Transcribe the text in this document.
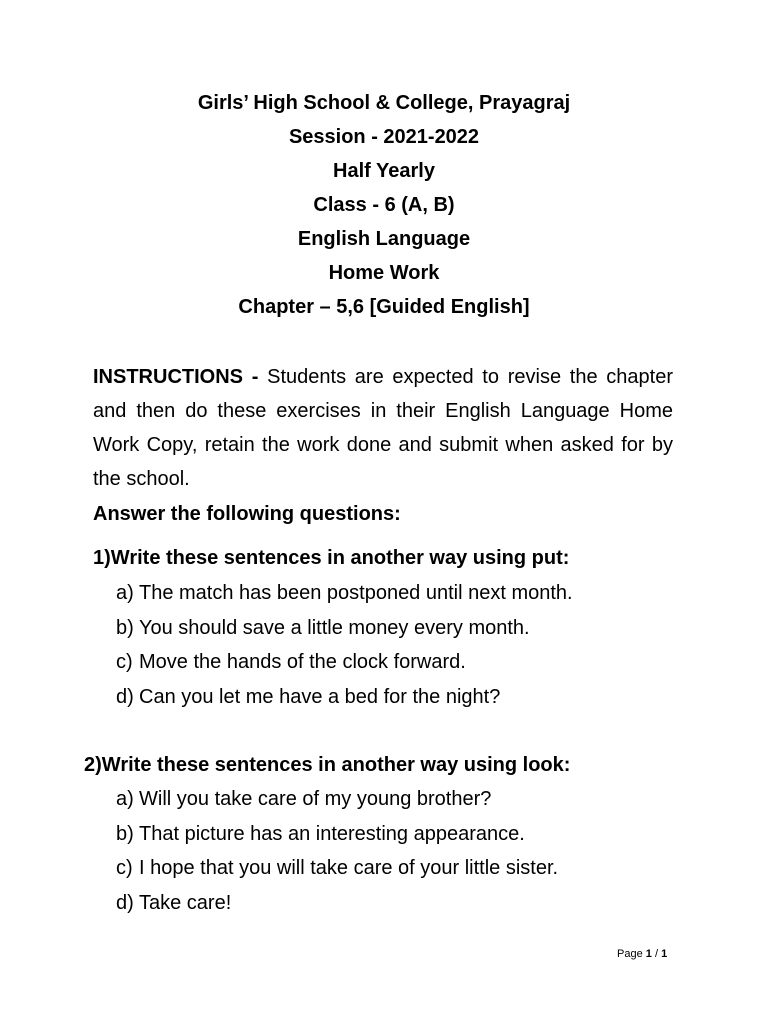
Girls’ High School & College, Prayagraj
Session - 2021-2022
Half Yearly
Class - 6 (A, B)
English Language
Home Work
Chapter – 5,6 [Guided English]
INSTRUCTIONS - Students are expected to revise the chapter and then do these exercises in their English Language Home Work Copy, retain the work done and submit when asked for by the school.
Answer the following questions:
1)Write these sentences in another way using put:
a) The match has been postponed until next month.
b) You should save a little money every month.
c) Move the hands of the clock forward.
d) Can you let me have a bed for the night?
2)Write these sentences in another way using look:
a) Will you take care of my young brother?
b) That picture has an interesting appearance.
c) I hope that you will take care of your little sister.
d) Take care!
Page 1 / 1
